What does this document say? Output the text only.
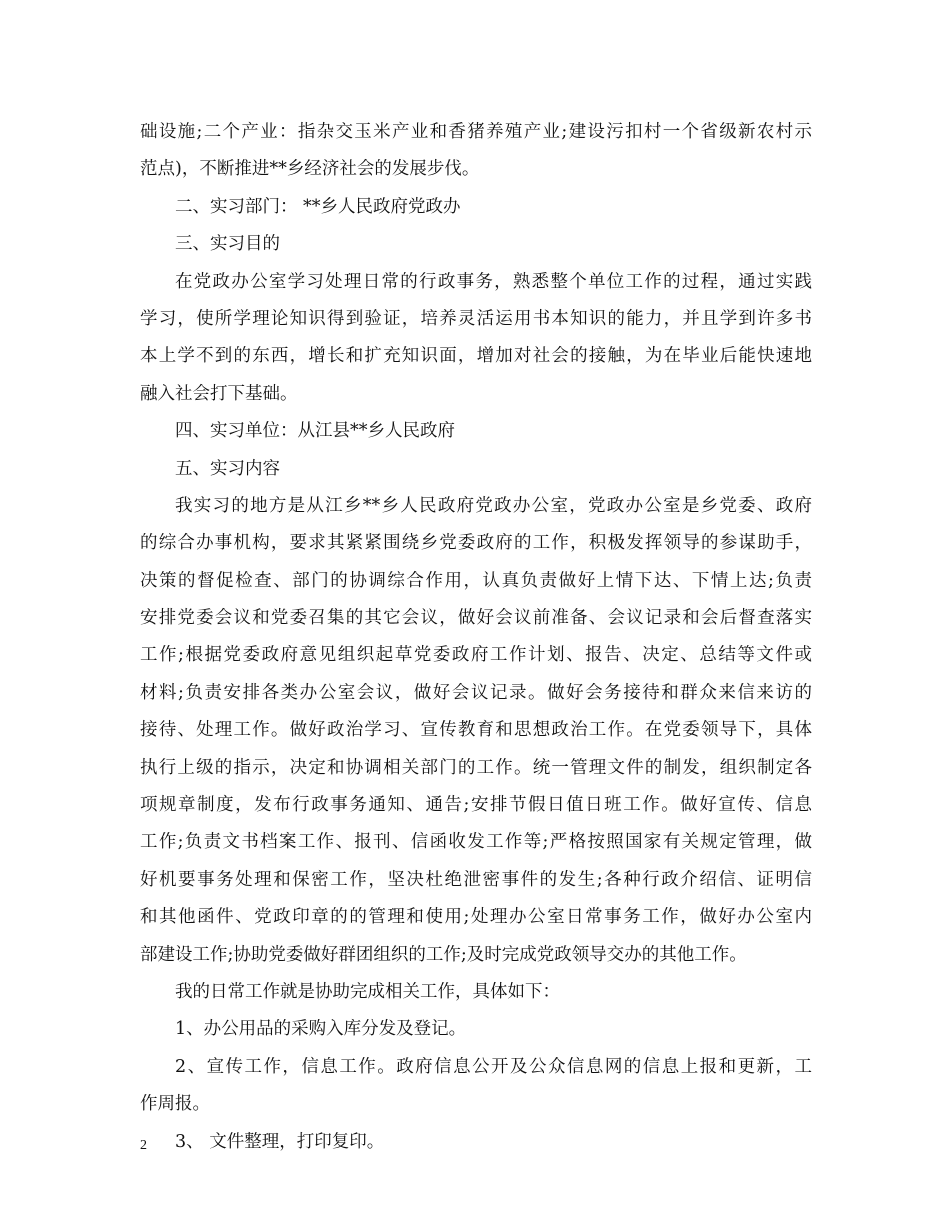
础设施;二个产业：指杂交玉米产业和香猪养殖产业;建设污扣村一个省级新农村示
范点)，不断推进**乡经济社会的发展步伐。
二、实习部门： **乡人民政府党政办
三、实习目的
在党政办公室学习处理日常的行政事务，熟悉整个单位工作的过程，通过实践
学习，使所学理论知识得到验证，培养灵活运用书本知识的能力，并且学到许多书
本上学不到的东西，增长和扩充知识面，增加对社会的接触，为在毕业后能快速地
融入社会打下基础。
四、实习单位：从江县**乡人民政府
五、实习内容
我实习的地方是从江乡**乡人民政府党政办公室，党政办公室是乡党委、政府
的综合办事机构，要求其紧紧围绕乡党委政府的工作，积极发挥领导的参谋助手，
决策的督促检查、部门的协调综合作用，认真负责做好上情下达、下情上达;负责
安排党委会议和党委召集的其它会议，做好会议前准备、会议记录和会后督查落实
工作;根据党委政府意见组织起草党委政府工作计划、报告、决定、总结等文件或
材料;负责安排各类办公室会议，做好会议记录。做好会务接待和群众来信来访的
接待、处理工作。做好政治学习、宣传教育和思想政治工作。在党委领导下，具体
执行上级的指示，决定和协调相关部门的工作。统一管理文件的制发，组织制定各
项规章制度，发布行政事务通知、通告;安排节假日值日班工作。做好宣传、信息
工作;负责文书档案工作、报刊、信函收发工作等;严格按照国家有关规定管理，做
好机要事务处理和保密工作，坚决杜绝泄密事件的发生;各种行政介绍信、证明信
和其他函件、党政印章的的管理和使用;处理办公室日常事务工作，做好办公室内
部建设工作;协助党委做好群团组织的工作;及时完成党政领导交办的其他工作。
我的日常工作就是协助完成相关工作，具体如下：
1、办公用品的采购入库分发及登记。
2、宣传工作，信息工作。政府信息公开及公众信息网的信息上报和更新，工
作周报。
3、 文件整理，打印复印。
2
